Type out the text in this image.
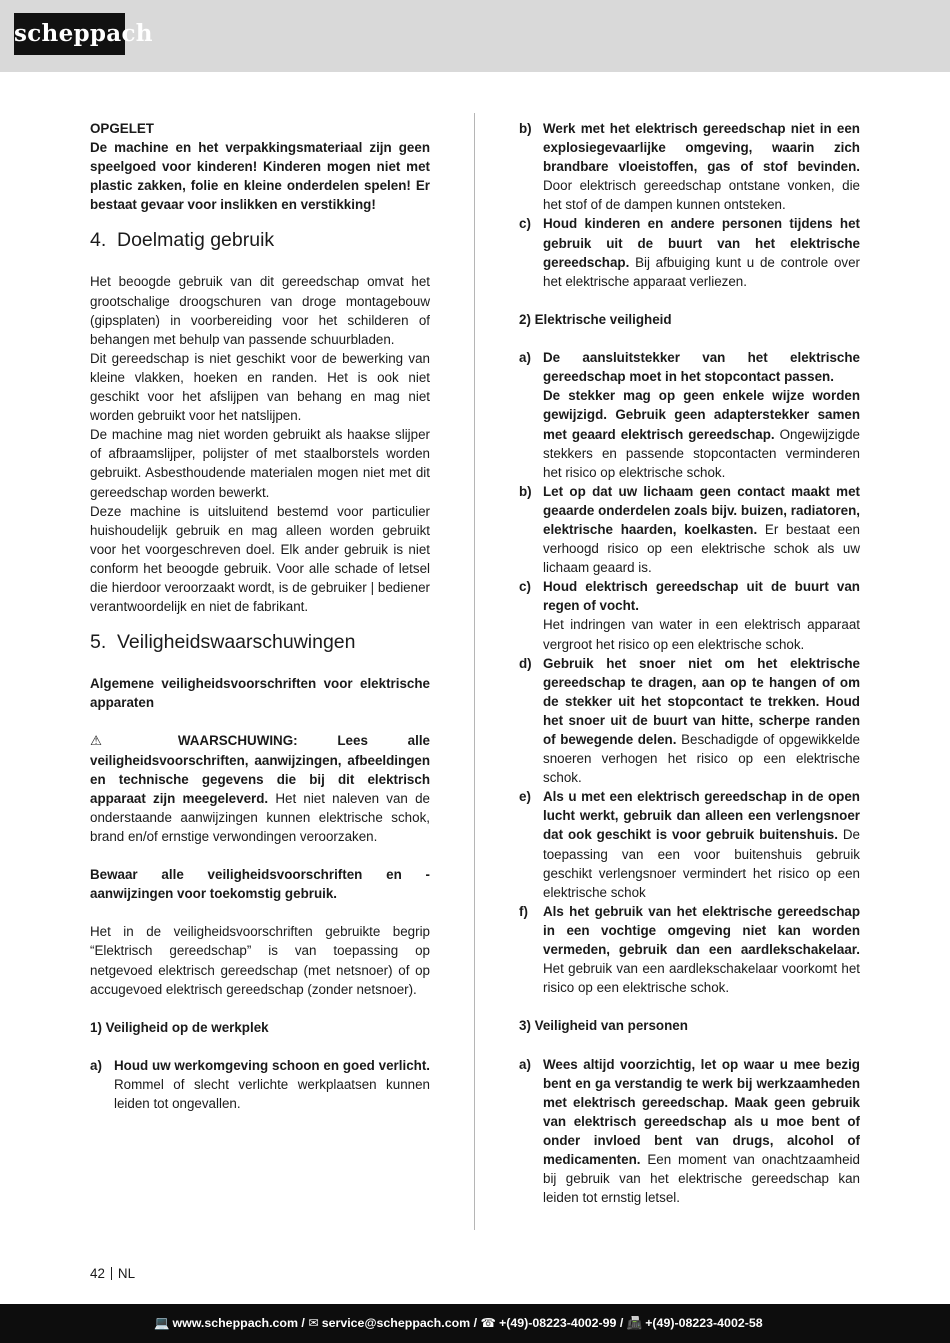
scheppach
OPGELET
De machine en het verpakkingsmateriaal zijn geen speelgoed voor kinderen! Kinderen mogen niet met plastic zakken, folie en kleine onderdelen spelen! Er bestaat gevaar voor inslikken en verstikking!
4. Doelmatig gebruik
Het beoogde gebruik van dit gereedschap omvat het grootschalige droogschuren van droge montagebouw (gipsplaten) in voorbereiding voor het schilderen of behangen met behulp van passende schuurbladen.
Dit gereedschap is niet geschikt voor de bewerking van kleine vlakken, hoeken en randen. Het is ook niet geschikt voor het afslijpen van behang en mag niet worden gebruikt voor het natslijpen.
De machine mag niet worden gebruikt als haakse slijper of afbraamslijper, polijster of met staalborstels worden gebruikt. Asbesthoudende materialen mogen niet met dit gereedschap worden bewerkt.
Deze machine is uitsluitend bestemd voor particulier huishoudelijk gebruik en mag alleen worden gebruikt voor het voorgeschreven doel. Elk ander gebruik is niet conform het beoogde gebruik. Voor alle schade of letsel die hierdoor veroorzaakt wordt, is de gebruiker | bediener verantwoordelijk en niet de fabrikant.
5. Veiligheidswaarschuwingen
Algemene veiligheidsvoorschriften voor elektrische apparaten
⚠	WAARSCHUWING: Lees alle veiligheidsvoorschriften, aanwijzingen, afbeeldingen en technische gegevens die bij dit elektrisch apparaat zijn meegeleverd. Het niet naleven van de onderstaande aanwijzingen kunnen elektrische schok, brand en/of ernstige verwondingen veroorzaken.
Bewaar alle veiligheidsvoorschriften en -aanwijzingen voor toekomstig gebruik.
Het in de veiligheidsvoorschriften gebruikte begrip “Elektrisch gereedschap” is van toepassing op netgevoed elektrisch gereedschap (met netsnoer) of op accugevoed elektrisch gereedschap (zonder netsnoer).
1) Veiligheid op de werkplek
a) Houd uw werkomgeving schoon en goed verlicht. Rommel of slecht verlichte werkplaatsen kunnen leiden tot ongevallen.
b) Werk met het elektrisch gereedschap niet in een explosiegevaarlijke omgeving, waarin zich brandbare vloeistoffen, gas of stof bevinden. Door elektrisch gereedschap ontstane vonken, die het stof of de dampen kunnen ontsteken.
c) Houd kinderen en andere personen tijdens het gebruik uit de buurt van het elektrische gereedschap. Bij afbuiging kunt u de controle over het elektrische apparaat verliezen.
2) Elektrische veiligheid
a) De aansluitstekker van het elektrische gereedschap moet in het stopcontact passen.
De stekker mag op geen enkele wijze worden gewijzigd. Gebruik geen adapterstekker samen met geaard elektrisch gereedschap. Ongewijzigde stekkers en passende stopcontacten verminderen het risico op elektrische schok.
b) Let op dat uw lichaam geen contact maakt met geaarde onderdelen zoals bijv. buizen, radiatoren, elektrische haarden, koelkasten. Er bestaat een verhoogd risico op een elektrische schok als uw lichaam geaard is.
c) Houd elektrisch gereedschap uit de buurt van regen of vocht.
Het indringen van water in een elektrisch apparaat vergroot het risico op een elektrische schok.
d) Gebruik het snoer niet om het elektrische gereedschap te dragen, aan op te hangen of om de stekker uit het stopcontact te trekken. Houd het snoer uit de buurt van hitte, scherpe randen of bewegende delen. Beschadigde of opgewikkelde snoeren verhogen het risico op een elektrische schok.
e) Als u met een elektrisch gereedschap in de open lucht werkt, gebruik dan alleen een verlengsnoer dat ook geschikt is voor gebruik buitenshuis. De toepassing van een voor buitenshuis gebruik geschikt verlengsnoer vermindert het risico op een elektrische schok
f)	Als het gebruik van het elektrische gereedschap in een vochtige omgeving niet kan worden vermeden, gebruik dan een aardlekschakelaar. Het gebruik van een aardlekschakelaar voorkomt het risico op een elektrische schok.
3) Veiligheid van personen
a) Wees altijd voorzichtig, let op waar u mee bezig bent en ga verstandig te werk bij werkzaamheden met elektrisch gereedschap. Maak geen gebruik van elektrisch gereedschap als u moe bent of onder invloed bent van drugs, alcohol of medicamenten. Een moment van onachtzaamheid bij gebruik van het elektrische gereedschap kan leiden tot ernstig letsel.
42 NL
💻 www.scheppach.com / ✉ service@scheppach.com / ☎ +(49)-08223-4002-99 / 📠 +(49)-08223-4002-58
